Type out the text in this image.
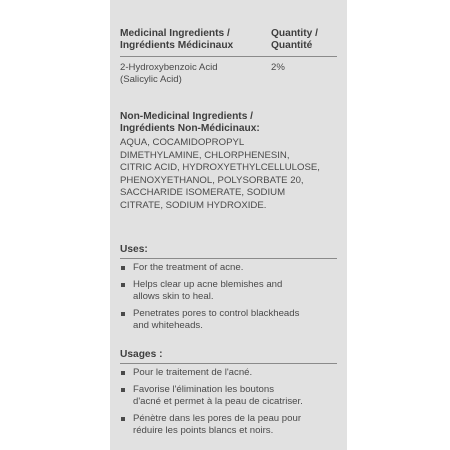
Medicinal Ingredients /
Ingrédients Médicinaux
Quantity /
Quantité
2-Hydroxybenzoic Acid
(Salicylic Acid)
2%
Non-Medicinal Ingredients /
Ingrédients Non-Médicinaux:
AQUA, COCAMIDOPROPYL
DIMETHYLAMINE, CHLORPHENESIN,
CITRIC ACID, HYDROXYETHYLCELLULOSE,
PHENOXYETHANOL, POLYSORBATE 20,
SACCHARIDE ISOMERATE, SODIUM
CITRATE, SODIUM HYDROXIDE.
Uses:
For the treatment of acne.
Helps clear up acne blemishes and
allows skin to heal.
Penetrates pores to control blackheads
and whiteheads.
Usages :
Pour le traitement de l'acné.
Favorise l'élimination les boutons
d'acné et permet à la peau de cicatriser.
Pénètre dans les pores de la peau pour
réduire les points blancs et noirs.
